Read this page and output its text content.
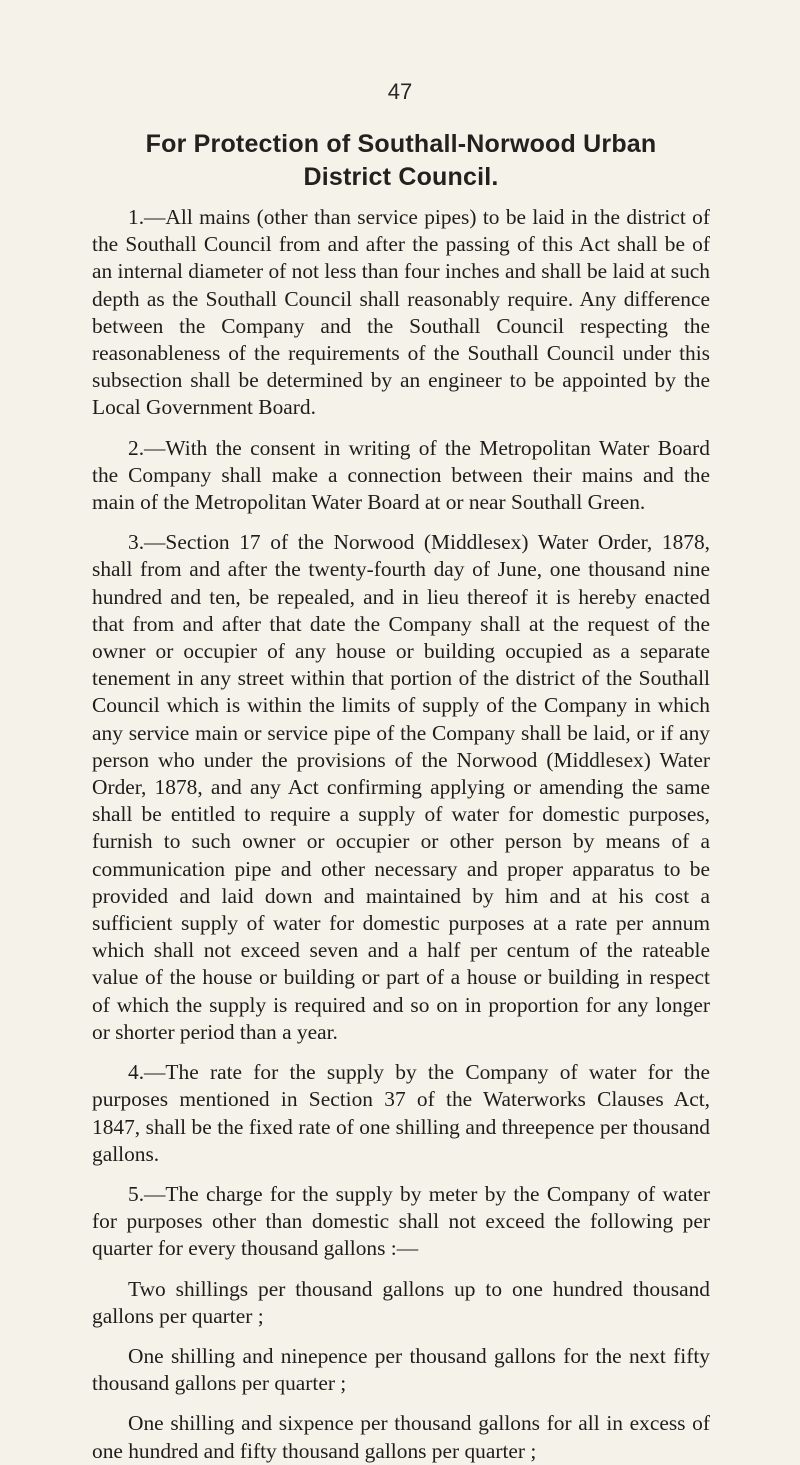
47
For Protection of Southall-Norwood Urban
District Council.

1.—All mains (other than service pipes) to be laid in the district of the Southall Council from and after the passing of this Act shall be of an internal diameter of not less than four inches and shall be laid at such depth as the Southall Council shall reasonably require. Any difference between the Company and the Southall Council respecting the reasonableness of the requirements of the Southall Council under this subsection shall be determined by an engineer to be appointed by the Local Government Board.

2.—With the consent in writing of the Metropolitan Water Board the Company shall make a connection between their mains and the main of the Metropolitan Water Board at or near Southall Green.

3.—Section 17 of the Norwood (Middlesex) Water Order, 1878, shall from and after the twenty-fourth day of June, one thousand nine hundred and ten, be repealed, and in lieu thereof it is hereby enacted that from and after that date the Company shall at the request of the owner or occupier of any house or building occupied as a separate tenement in any street within that portion of the district of the Southall Council which is within the limits of supply of the Company in which any service main or service pipe of the Company shall be laid, or if any person who under the provisions of the Norwood (Middlesex) Water Order, 1878, and any Act confirming applying or amending the same shall be entitled to require a supply of water for domestic purposes, furnish to such owner or occupier or other person by means of a communication pipe and other necessary and proper apparatus to be provided and laid down and maintained by him and at his cost a sufficient supply of water for domestic purposes at a rate per annum which shall not exceed seven and a half per centum of the rateable value of the house or building or part of a house or building in respect of which the supply is required and so on in proportion for any longer or shorter period than a year.

4.—The rate for the supply by the Company of water for the purposes mentioned in Section 37 of the Waterworks Clauses Act, 1847, shall be the fixed rate of one shilling and threepence per thousand gallons.

5.—The charge for the supply by meter by the Company of water for purposes other than domestic shall not exceed the following per quarter for every thousand gallons :—

Two shillings per thousand gallons up to one hundred thousand gallons per quarter ;

One shilling and ninepence per thousand gallons for the next fifty thousand gallons per quarter ;

One shilling and sixpence per thousand gallons for all in excess of one hundred and fifty thousand gallons per quarter ;
